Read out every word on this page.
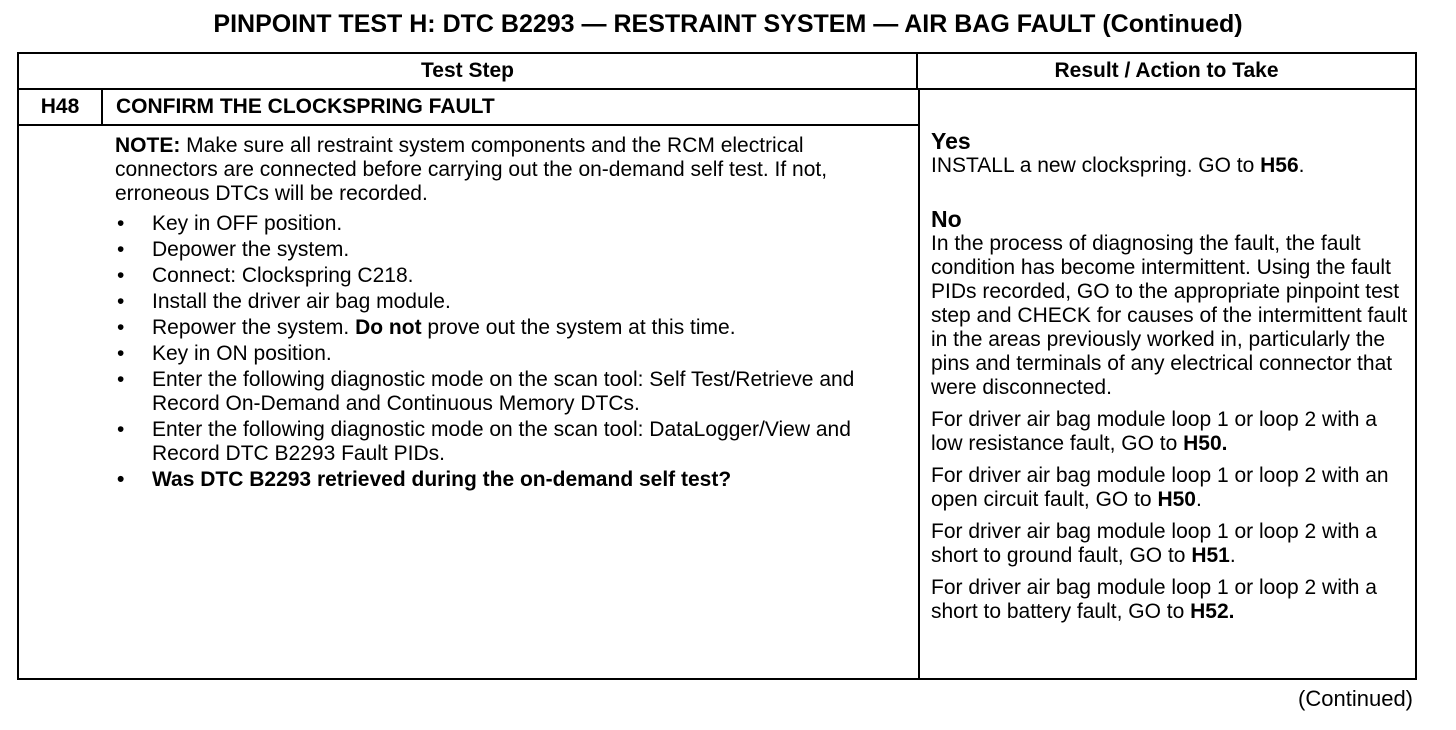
PINPOINT TEST H: DTC B2293 — RESTRAINT SYSTEM — AIR BAG FAULT (Continued)
Test Step	Result / Action to Take
H48	CONFIRM THE CLOCKSPRING FAULT

NOTE: Make sure all restraint system components and the RCM electrical connectors are connected before carrying out the on-demand self test. If not, erroneous DTCs will be recorded.

• Key in OFF position.
• Depower the system.
• Connect: Clockspring C218.
• Install the driver air bag module.
• Repower the system. Do not prove out the system at this time.
• Key in ON position.
• Enter the following diagnostic mode on the scan tool: Self Test/Retrieve and Record On-Demand and Continuous Memory DTCs.
• Enter the following diagnostic mode on the scan tool: DataLogger/View and Record DTC B2293 Fault PIDs.
• Was DTC B2293 retrieved during the on-demand self test?
Yes

INSTALL a new clockspring. GO to H56.

No

In the process of diagnosing the fault, the fault condition has become intermittent. Using the fault PIDs recorded, GO to the appropriate pinpoint test step and CHECK for causes of the intermittent fault in the areas previously worked in, particularly the pins and terminals of any electrical connector that were disconnected.

For driver air bag module loop 1 or loop 2 with a low resistance fault, GO to H50.

For driver air bag module loop 1 or loop 2 with an open circuit fault, GO to H50.

For driver air bag module loop 1 or loop 2 with a short to ground fault, GO to H51.

For driver air bag module loop 1 or loop 2 with a short to battery fault, GO to H52.

(Continued)
